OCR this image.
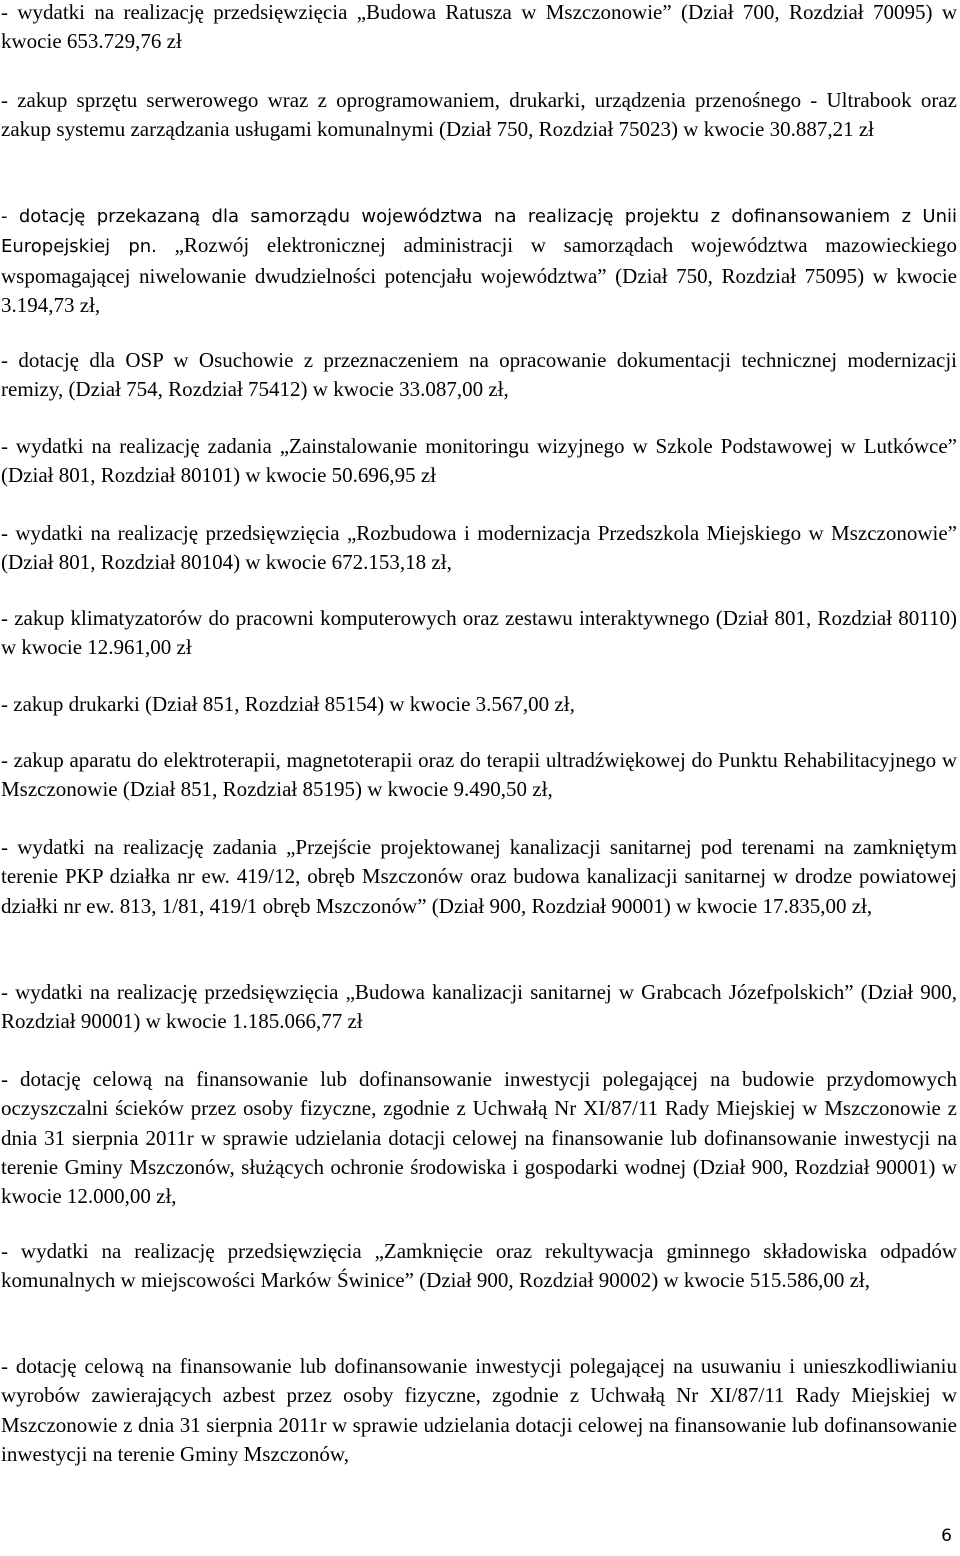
- wydatki na realizację przedsięwzięcia „Budowa Ratusza w Mszczonowie” (Dział 700, Rozdział 70095) w kwocie 653.729,76 zł

- zakup sprzętu serwerowego wraz z oprogramowaniem, drukarki, urządzenia przenośnego - Ultrabook oraz zakup systemu zarządzania usługami komunalnymi (Dział 750, Rozdział 75023) w kwocie 30.887,21 zł

- dotację przekazaną dla samorządu województwa na realizację projektu z dofinansowaniem z Unii Europejskiej pn. „Rozwój elektronicznej administracji w samorządach województwa mazowieckiego wspomagającej niwelowanie dwudzielności potencjału województwa” (Dział 750, Rozdział 75095) w kwocie 3.194,73 zł,

- dotację dla OSP w Osuchowie z przeznaczeniem na opracowanie dokumentacji technicznej modernizacji remizy, (Dział 754, Rozdział 75412) w kwocie 33.087,00 zł,

- wydatki na realizację zadania „Zainstalowanie monitoringu wizyjnego w Szkole Podstawowej w Lutkówce” (Dział 801, Rozdział 80101) w kwocie 50.696,95 zł

- wydatki na realizację przedsięwzięcia „Rozbudowa i modernizacja Przedszkola Miejskiego w Mszczonowie” (Dział 801, Rozdział 80104) w kwocie 672.153,18 zł,

- zakup klimatyzatorów do pracowni komputerowych oraz zestawu interaktywnego (Dział 801, Rozdział 80110) w kwocie 12.961,00 zł

- zakup drukarki (Dział 851, Rozdział 85154) w kwocie 3.567,00 zł,

- zakup aparatu do elektroterapii, magnetoterapii oraz do terapii ultradźwiękowej do Punktu Rehabilitacyjnego w Mszczonowie (Dział 851, Rozdział 85195) w kwocie 9.490,50 zł,

- wydatki na realizację zadania „Przejście projektowanej kanalizacji sanitarnej pod terenami na zamkniętym terenie PKP działka nr ew. 419/12, obręb Mszczonów oraz budowa kanalizacji sanitarnej w drodze powiatowej działki nr ew. 813, 1/81, 419/1 obręb Mszczonów” (Dział 900, Rozdział 90001) w kwocie 17.835,00 zł,

- wydatki na realizację przedsięwzięcia „Budowa kanalizacji sanitarnej w Grabcach Józefpolskich” (Dział 900, Rozdział 90001) w kwocie 1.185.066,77 zł

- dotację celową na finansowanie lub dofinansowanie inwestycji polegającej na budowie przydomowych oczyszczalni ścieków przez osoby fizyczne, zgodnie z Uchwałą Nr XI/87/11 Rady Miejskiej w Mszczonowie z dnia 31 sierpnia 2011r w sprawie udzielania dotacji celowej na finansowanie lub dofinansowanie inwestycji na terenie Gminy Mszczonów, służących ochronie środowiska i gospodarki wodnej (Dział 900, Rozdział 90001) w kwocie 12.000,00 zł,

- wydatki na realizację przedsięwzięcia „Zamknięcie oraz rekultywacja gminnego składowiska odpadów komunalnych w miejscowości Marków Świnice” (Dział 900, Rozdział 90002) w kwocie 515.586,00 zł,

- dotację celową na finansowanie lub dofinansowanie inwestycji polegającej na usuwaniu i unieszkodliwianiu wyrobów zawierających azbest przez osoby fizyczne, zgodnie z Uchwałą Nr XI/87/11 Rady Miejskiej w Mszczonowie z dnia 31 sierpnia 2011r w sprawie udzielania dotacji celowej na finansowanie lub dofinansowanie inwestycji na terenie Gminy Mszczonów,

6
